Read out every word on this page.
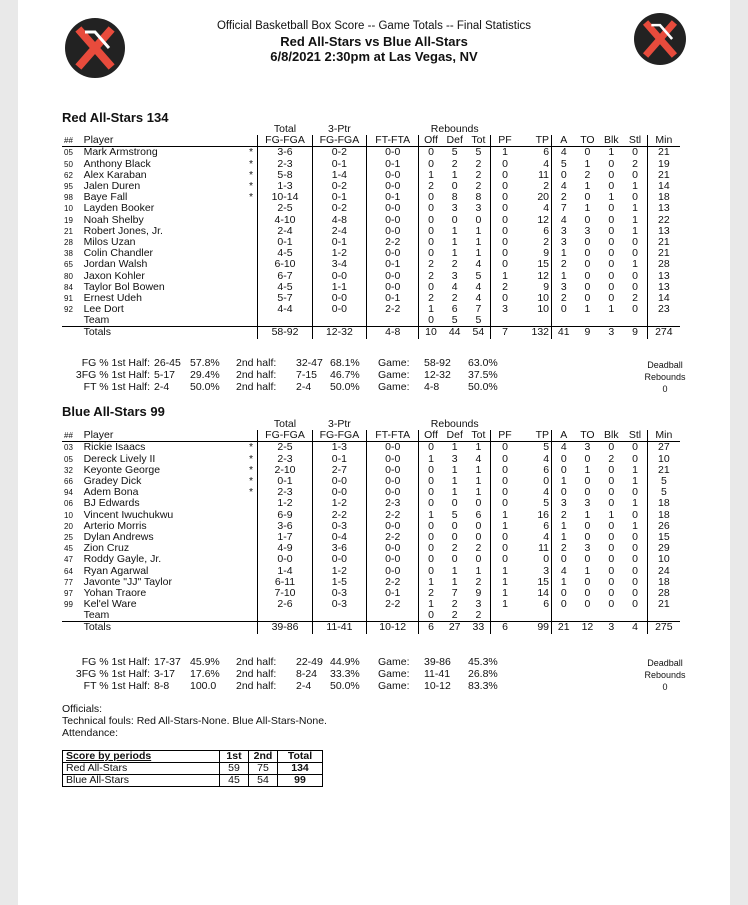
Official Basketball Box Score -- Game Totals -- Final Statistics
Red All-Stars vs Blue All-Stars
6/8/2021 2:30pm at Las Vegas, NV
Red All-Stars 134
			Total	3-Ptr		Rebounds									
##	Player		FG-FGA	FG-FGA	FT-FTA	Off	Def	Tot	PF	TP	A	TO	Blk	Stl	Min
05	Mark Armstrong	*	3-6	0-2	0-0	0	5	5	1	6	4	0	1	0	21
50	Anthony Black	*	2-3	0-1	0-1	0	2	2	0	4	5	1	0	2	19
62	Alex Karaban	*	5-8	1-4	0-0	1	1	2	0	11	0	2	0	0	21
95	Jalen Duren	*	1-3	0-2	0-0	2	0	2	0	2	4	1	0	1	14
98	Baye Fall	*	10-14	0-1	0-1	0	8	8	0	20	2	0	1	0	18
10	Layden Booker		2-5	0-2	0-0	0	3	3	0	4	7	1	0	1	13
19	Noah Shelby		4-10	4-8	0-0	0	0	0	0	12	4	0	0	1	22
21	Robert Jones, Jr.		2-4	2-4	0-0	0	1	1	0	6	3	3	0	1	13
28	Milos Uzan		0-1	0-1	2-2	0	1	1	0	2	3	0	0	0	21
38	Colin Chandler		4-5	1-2	0-0	0	1	1	0	9	1	0	0	0	21
65	Jordan Walsh		6-10	3-4	0-1	2	2	4	0	15	2	0	0	1	28
80	Jaxon Kohler		6-7	0-0	0-0	2	3	5	1	12	1	0	0	0	13
84	Taylor Bol Bowen		4-5	1-1	0-0	0	4	4	2	9	3	0	0	0	13
91	Ernest Udeh		5-7	0-0	0-1	2	2	4	0	10	2	0	0	2	14
92	Lee Dort		4-4	0-0	2-2	1	6	7	3	10	0	1	1	0	23
	Team					0	5	5							
	Totals		58-92	12-32	4-8	10	44	54	7	132	41	9	3	9	274
FG % 1st Half: 26-45 57.8% 2nd half: 32-47 68.1% Game: 58-92 63.0%
3FG % 1st Half: 5-17 29.4% 2nd half: 7-15 46.7% Game: 12-32 37.5%
FT % 1st Half: 2-4 50.0% 2nd half: 2-4 50.0% Game: 4-8	50.0%
Deadball
Rebounds
0
Blue All-Stars 99
			Total	3-Ptr		Rebounds									
##	Player		FG-FGA	FG-FGA	FT-FTA	Off	Def	Tot	PF	TP	A	TO	Blk	Stl	Min
03	Rickie Isaacs	*	2-5	1-3	0-0	0	1	1	0	5	4	3	0	0	27
05	Dereck Lively II	*	2-3	0-1	0-0	1	3	4	0	4	0	0	2	0	10
32	Keyonte George	*	2-10	2-7	0-0	0	1	1	0	6	0	1	0	1	21
66	Gradey Dick	*	0-1	0-0	0-0	0	1	1	0	0	1	0	0	1	5
94	Adem Bona	*	2-3	0-0	0-0	0	1	1	0	4	0	0	0	0	5
06	BJ Edwards		1-2	1-2	2-3	0	0	0	0	5	3	3	0	1	18
10	Vincent Iwuchukwu		6-9	2-2	2-2	1	5	6	1	16	2	1	1	0	18
20	Arterio Morris		3-6	0-3	0-0	0	0	0	1	6	1	0	0	1	26
25	Dylan Andrews		1-7	0-4	2-2	0	0	0	0	4	1	0	0	0	15
45	Zion Cruz		4-9	3-6	0-0	0	2	2	0	11	2	3	0	0	29
47	Roddy Gayle, Jr.		0-0	0-0	0-0	0	0	0	0	0	0	0	0	0	10
64	Ryan Agarwal		1-4	1-2	0-0	0	1	1	1	3	4	1	0	0	24
77	Javonte "JJ" Taylor		6-11	1-5	2-2	1	1	2	1	15	1	0	0	0	18
97	Yohan Traore		7-10	0-3	0-1	2	7	9	1	14	0	0	0	0	28
99	Kel'el Ware		2-6	0-3	2-2	1	2	3	1	6	0	0	0	0	21
	Team					0	2	2							
	Totals		39-86	11-41	10-12	6	27	33	6	99	21	12	3	4	275
FG % 1st Half: 17-37 45.9% 2nd half: 22-49 44.9% Game: 39-86 45.3%
3FG % 1st Half: 3-17 17.6% 2nd half: 8-24 33.3% Game: 11-41 26.8%
FT % 1st Half: 8-8 100.0 2nd half: 2-4 50.0% Game: 10-12 83.3%
Deadball
Rebounds
0
Officials:
Technical fouls: Red All-Stars-None. Blue All-Stars-None.
Attendance:
Score by periods	1st	2nd	Total
Red All-Stars	59	75	134
Blue All-Stars	45	54	99
